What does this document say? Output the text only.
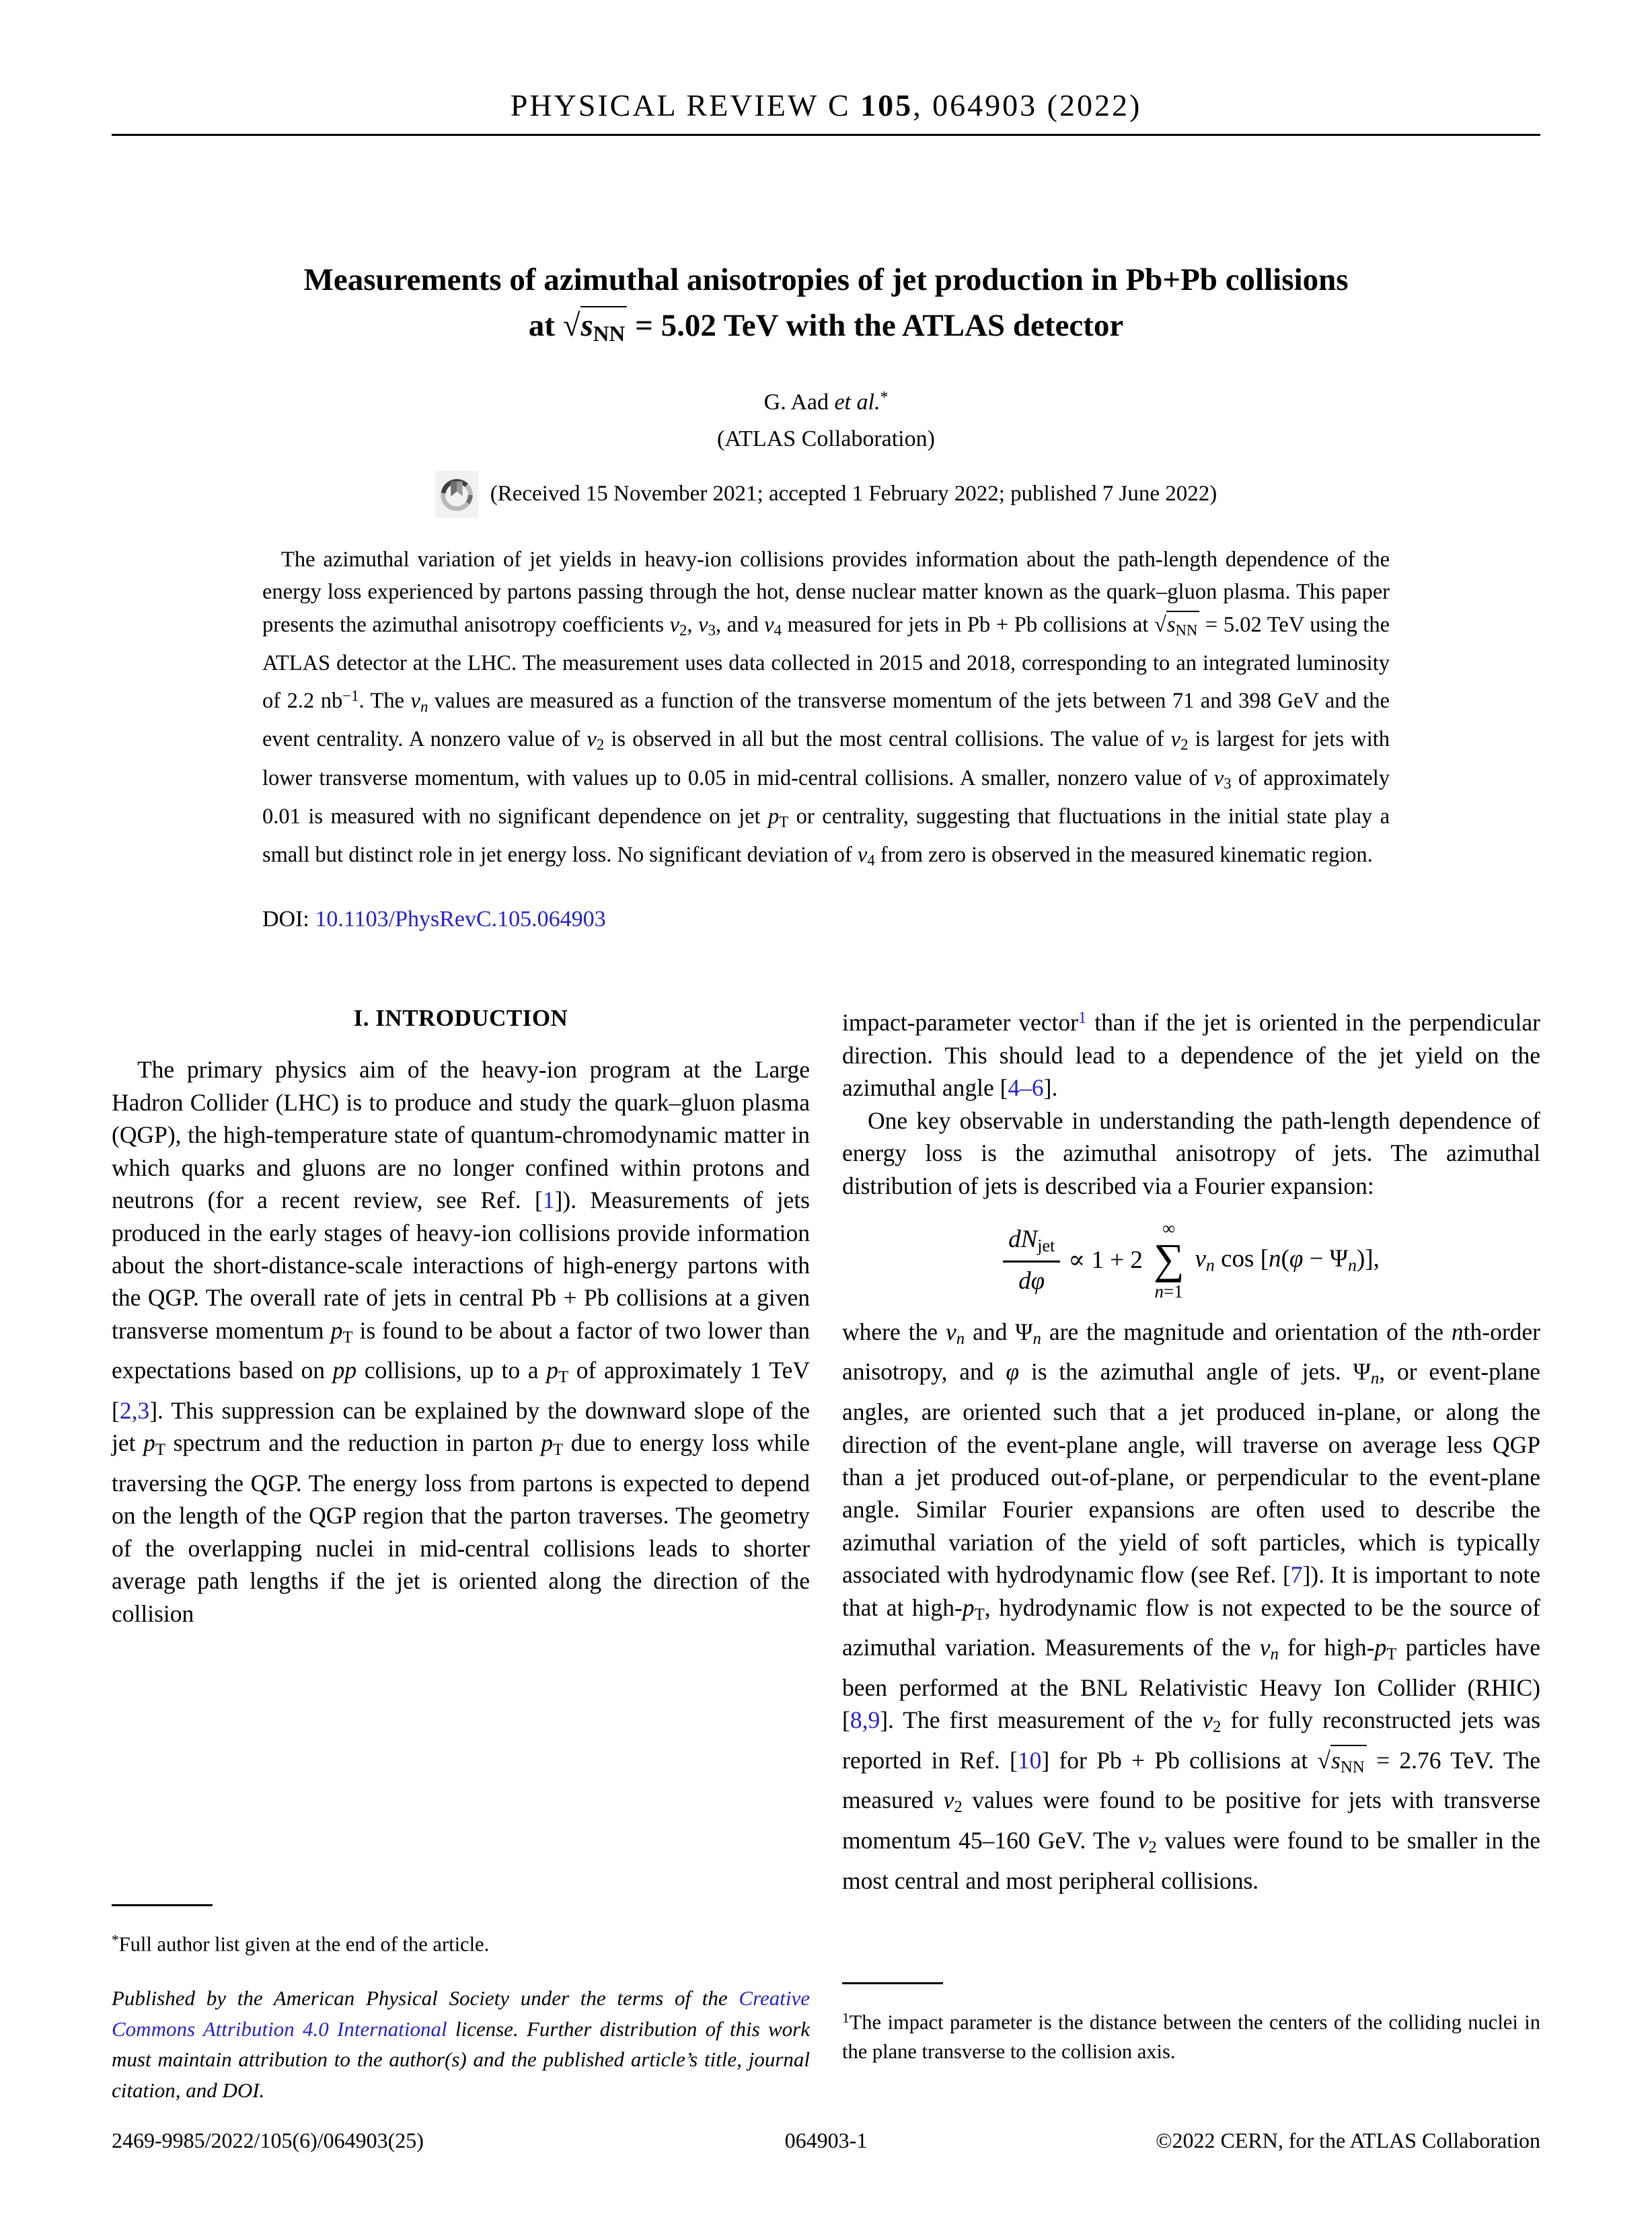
PHYSICAL REVIEW C 105, 064903 (2022)
Measurements of azimuthal anisotropies of jet production in Pb+Pb collisions
at $√s_{NN} = 5.02$ TeV with the ATLAS detector
G. Aad et al.*
(ATLAS Collaboration)
(Received 15 November 2021; accepted 1 February 2022; published 7 June 2022)

The azimuthal variation of jet yields in heavy-ion collisions provides information about the path-length dependence of the energy loss experienced by partons passing through the hot, dense nuclear matter known as the quark–gluon plasma. This paper presents the azimuthal anisotropy coefficients $v_2$, $v_3$, and $v_4$ measured for jets in Pb + Pb collisions at $√s_{NN} = 5.02$ TeV using the ATLAS detector at the LHC. The measurement uses data collected in 2015 and 2018, corresponding to an integrated luminosity of 2.2 $nb^{-1}$. The $v_n$ values are measured as a function of the transverse momentum of the jets between 71 and 398 GeV and the event centrality. A nonzero value of $v_2$ is observed in all but the most central collisions. The value of $v_2$ is largest for jets with lower transverse momentum, with values up to 0.05 in mid-central collisions. A smaller, nonzero value of $v_3$ of approximately 0.01 is measured with no significant dependence on jet $p_T$ or centrality, suggesting that fluctuations in the initial state play a small but distinct role in jet energy loss. No significant deviation of $v_4$ from zero is observed in the measured kinematic region.

DOI: 10.1103/PhysRevC.105.064903
I. INTRODUCTION

The primary physics aim of the heavy-ion program at the Large Hadron Collider (LHC) is to produce and study the quark–gluon plasma (QGP), the high-temperature state of quantum-chromodynamic matter in which quarks and gluons are no longer confined within protons and neutrons (for a recent review, see Ref. [1]). Measurements of jets produced in the early stages of heavy-ion collisions provide information about the short-distance-scale interactions of high-energy partons with the QGP. The overall rate of jets in central Pb + Pb collisions at a given transverse momentum $p_T$ is found to be about a factor of two lower than expectations based on pp collisions, up to a $p_T$ of approximately 1 TeV [2,3]. This suppression can be explained by the downward slope of the jet $p_T$ spectrum and the reduction in parton $p_T$ due to energy loss while traversing the QGP. The energy loss from partons is expected to depend on the length of the QGP region that the parton traverses. The geometry of the overlapping nuclei in mid-central collisions leads to shorter average path lengths if the jet is oriented along the direction of the collision

*Full author list given at the end of the article.

Published by the American Physical Society under the terms of the Creative Commons Attribution 4.0 International license. Further distribution of this work must maintain attribution to the author(s) and the published article’s title, journal citation, and DOI.

impact-parameter vector$^1$ than if the jet is oriented in the perpendicular direction. This should lead to a dependence of the jet yield on the azimuthal angle [4–6].

One key observable in understanding the path-length dependence of energy loss is the azimuthal anisotropy of jets. The azimuthal distribution of jets is described via a Fourier expansion:

$\frac{dN_{jet}}{d\varphi} \propto 1 + 2$
∞
∑
n=1
$v_n$ $\cos [n(\varphi - \Psi_n)]$,

where the $v_n$ and $\Psi_n$ are the magnitude and orientation of the nth-order anisotropy, and φ is the azimuthal angle of jets. $\Psi_n$, or event-plane angles, are oriented such that a jet produced in-plane, or along the direction of the event-plane angle, will traverse on average less QGP than a jet produced out-of-plane, or perpendicular to the event-plane angle. Similar Fourier expansions are often used to describe the azimuthal variation of the yield of soft particles, which is typically associated with hydrodynamic flow (see Ref. [7]). It is important to note that at high-$p_T$, hydrodynamic flow is not expected to be the source of azimuthal variation. Measurements of the $v_n$ for high-$p_T$ particles have been performed at the BNL Relativistic Heavy Ion Collider (RHIC) [8,9]. The first measurement of the $v_2$ for fully reconstructed jets was reported in Ref. [10] for Pb + Pb collisions at $√s_{NN} = 2.76$ TeV. The measured $v_2$ values were found to be positive for jets with transverse momentum 45–160 GeV. The $v_2$ values were found to be smaller in the most central and most peripheral collisions.

$^1$The impact parameter is the distance between the centers of the colliding nuclei in the plane transverse to the collision axis.
2469-9985/2022/105(6)/064903(25)	064903-1	©2022 CERN, for the ATLAS Collaboration
